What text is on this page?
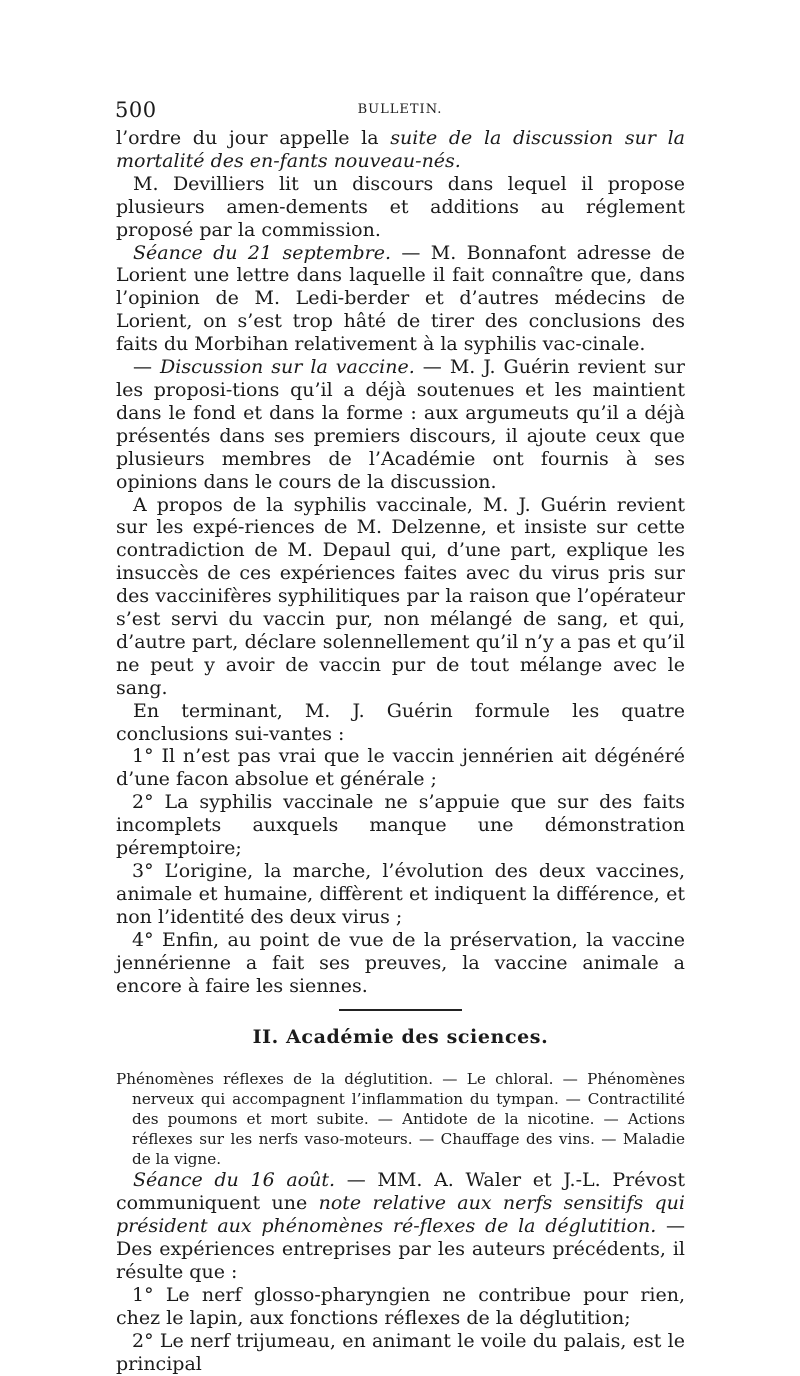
500	BULLETIN.

l’ordre du jour appelle la suite de la discussion sur la mortalité des en-fants nouveau-nés.

M. Devilliers lit un discours dans lequel il propose plusieurs amen-dements et additions au réglement proposé par la commission.

Séance du 21 septembre. — M. Bonnafont adresse de Lorient une lettre dans laquelle il fait connaître que, dans l’opinion de M. Ledi-berder et d’autres médecins de Lorient, on s’est trop hâté de tirer des conclusions des faits du Morbihan relativement à la syphilis vac-cinale.

— Discussion sur la vaccine. — M. J. Guérin revient sur les proposi-tions qu’il a déjà soutenues et les maintient dans le fond et dans la forme : aux argumeuts qu’il a déjà présentés dans ses premiers discours, il ajoute ceux que plusieurs membres de l’Académie ont fournis à ses opinions dans le cours de la discussion.

A propos de la syphilis vaccinale, M. J. Guérin revient sur les expé-riences de M. Delzenne, et insiste sur cette contradiction de M. Depaul qui, d’une part, explique les insuccès de ces expériences faites avec du virus pris sur des vaccinifères syphilitiques par la raison que l’opérateur s’est servi du vaccin pur, non mélangé de sang, et qui, d’autre part, déclare solennellement qu’il n’y a pas et qu’il ne peut y avoir de vaccin pur de tout mélange avec le sang.

En terminant, M. J. Guérin formule les quatre conclusions sui-vantes :

1° Il n’est pas vrai que le vaccin jennérien ait dégénéré d’une facon absolue et générale ;

2° La syphilis vaccinale ne s’appuie que sur des faits incomplets auxquels manque une démonstration péremptoire;

3° L’origine, la marche, l’évolution des deux vaccines, animale et humaine, diffèrent et indiquent la différence, et non l’identité des deux virus ;

4° Enfin, au point de vue de la préservation, la vaccine jennérienne a fait ses preuves, la vaccine animale a encore à faire les siennes.

II. Académie des sciences.

Phénomènes réflexes de la déglutition. — Le chloral. — Phénomènes nerveux qui accompagnent l’inflammation du tympan. — Contractilité des poumons et mort subite. — Antidote de la nicotine. — Actions réflexes sur les nerfs vaso-moteurs. — Chauffage des vins. — Maladie de la vigne.

Séance du 16 août. — MM. A. Waler et J.-L. Prévost communiquent une note relative aux nerfs sensitifs qui président aux phénomènes ré-flexes de la déglutition. — Des expériences entreprises par les auteurs précédents, il résulte que :

1° Le nerf glosso-pharyngien ne contribue pour rien, chez le lapin, aux fonctions réflexes de la déglutition;

2° Le nerf trijumeau, en animant le voile du palais, est le principal
